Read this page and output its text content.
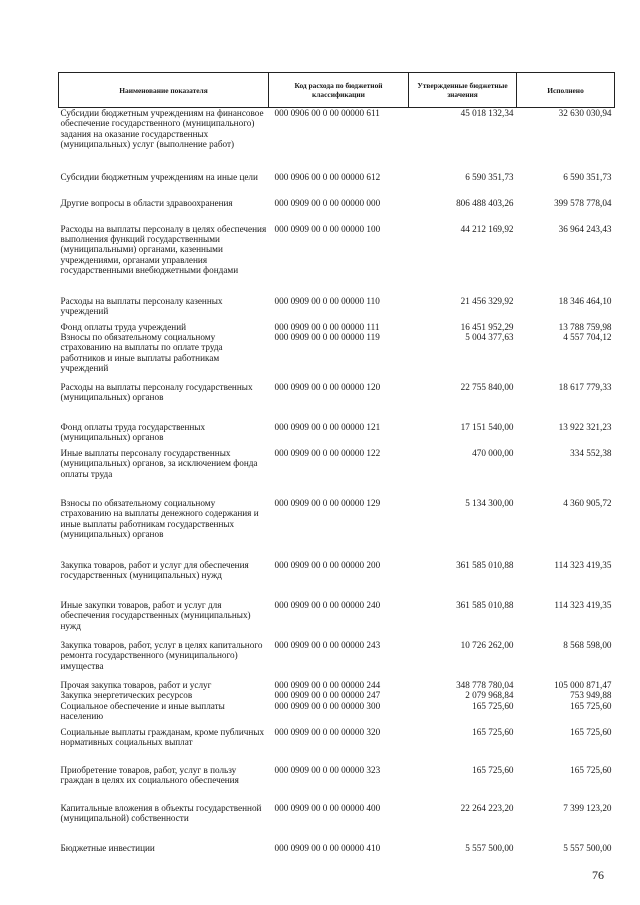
Наименование показателя	Код расхода по бюджетной классификации	Утвержденные бюджетные значения	Исполнено
Субсидии бюджетным учреждениям на финансовое обеспечение государственного (муниципального) задания на оказание государственных (муниципальных) услуг (выполнение работ)	000 0906 00 0 00 00000 611	45 018 132,34	32 630 030,94
Субсидии бюджетным учреждениям на иные цели	000 0906 00 0 00 00000 612	6 590 351,73	6 590 351,73
Другие вопросы в области здравоохранения	000 0909 00 0 00 00000 000	806 488 403,26	399 578 778,04
Расходы на выплаты персоналу в целях обеспечения выполнения функций государственными (муниципальными) органами, казенными учреждениями, органами управления государственными внебюджетными фондами	000 0909 00 0 00 00000 100	44 212 169,92	36 964 243,43
Расходы на выплаты персоналу казенных учреждений	000 0909 00 0 00 00000 110	21 456 329,92	18 346 464,10
Фонд оплаты труда учреждений	000 0909 00 0 00 00000 111	16 451 952,29	13 788 759,98
Взносы по обязательному социальному страхованию на выплаты по оплате труда работников и иные выплаты работникам учреждений	000 0909 00 0 00 00000 119	5 004 377,63	4 557 704,12
Расходы на выплаты персоналу государственных (муниципальных) органов	000 0909 00 0 00 00000 120	22 755 840,00	18 617 779,33
Фонд оплаты труда государственных (муниципальных) органов	000 0909 00 0 00 00000 121	17 151 540,00	13 922 321,23
Иные выплаты персоналу государственных (муниципальных) органов, за исключением фонда оплаты труда	000 0909 00 0 00 00000 122	470 000,00	334 552,38
Взносы по обязательному социальному страхованию на выплаты денежного содержания и иные выплаты работникам государственных (муниципальных) органов	000 0909 00 0 00 00000 129	5 134 300,00	4 360 905,72
Закупка товаров, работ и услуг для обеспечения государственных (муниципальных) нужд	000 0909 00 0 00 00000 200	361 585 010,88	114 323 419,35
Иные закупки товаров, работ и услуг для обеспечения государственных (муниципальных) нужд	000 0909 00 0 00 00000 240	361 585 010,88	114 323 419,35
Закупка товаров, работ, услуг в целях капитального ремонта государственного (муниципального) имущества	000 0909 00 0 00 00000 243	10 726 262,00	8 568 598,00
Прочая закупка товаров, работ и услуг	000 0909 00 0 00 00000 244	348 778 780,04	105 000 871,47
Закупка энергетических ресурсов	000 0909 00 0 00 00000 247	2 079 968,84	753 949,88
Социальное обеспечение и иные выплаты населению	000 0909 00 0 00 00000 300	165 725,60	165 725,60
Социальные выплаты гражданам, кроме публичных нормативных социальных выплат	000 0909 00 0 00 00000 320	165 725,60	165 725,60
Приобретение товаров, работ, услуг в пользу граждан в целях их социального обеспечения	000 0909 00 0 00 00000 323	165 725,60	165 725,60
Капитальные вложения в объекты государственной (муниципальной) собственности	000 0909 00 0 00 00000 400	22 264 223,20	7 399 123,20
Бюджетные инвестиции	000 0909 00 0 00 00000 410	5 557 500,00	5 557 500,00
76
